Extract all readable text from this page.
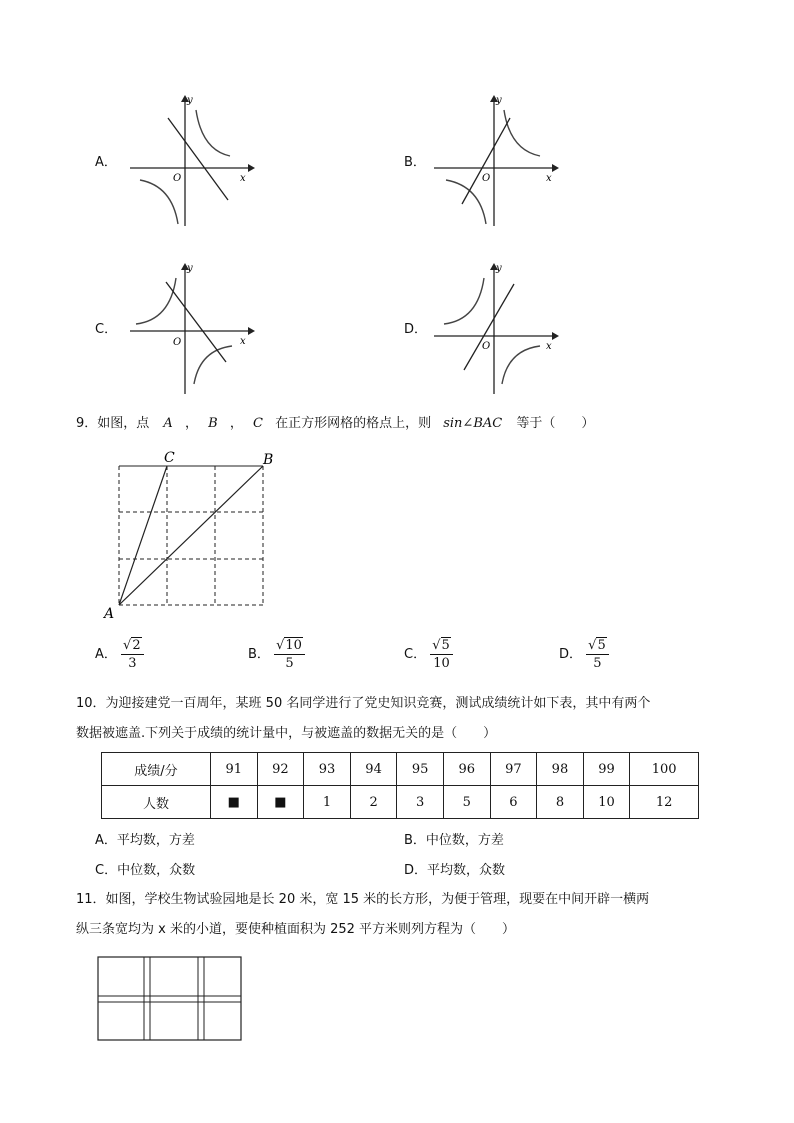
A．
y
x
O
B．
y
x
O
C．
y
x
O
D．
y
x
O
9．如图，点 A ， B ， C 在正方形网格的格点上，则 sin∠BAC 等于（　　）
C	B
A
A． $\frac{√2}{3}$	B． $\frac{√10}{5}$	C． $\frac{√5}{10}$	D． $\frac{√5}{5}$
10．为迎接建党一百周年，某班 50 名同学进行了党史知识竞赛，测试成绩统计如下表，其中有两个
数据被遮盖.下列关于成绩的统计量中，与被遮盖的数据无关的是（　　）
成绩/分	91	92	93	94	95	96	97	98	99	100
人数	■	■	1	2	3	5	6	8	10	12
A．平均数，方差	B．中位数，方差
C．中位数，众数	D．平均数，众数
11．如图，学校生物试验园地是长 20 米，宽 15 米的长方形，为便于管理，现要在中间开辟一横两
纵三条宽均为 x 米的小道，要使种植面积为 252 平方米则列方程为（　　）
